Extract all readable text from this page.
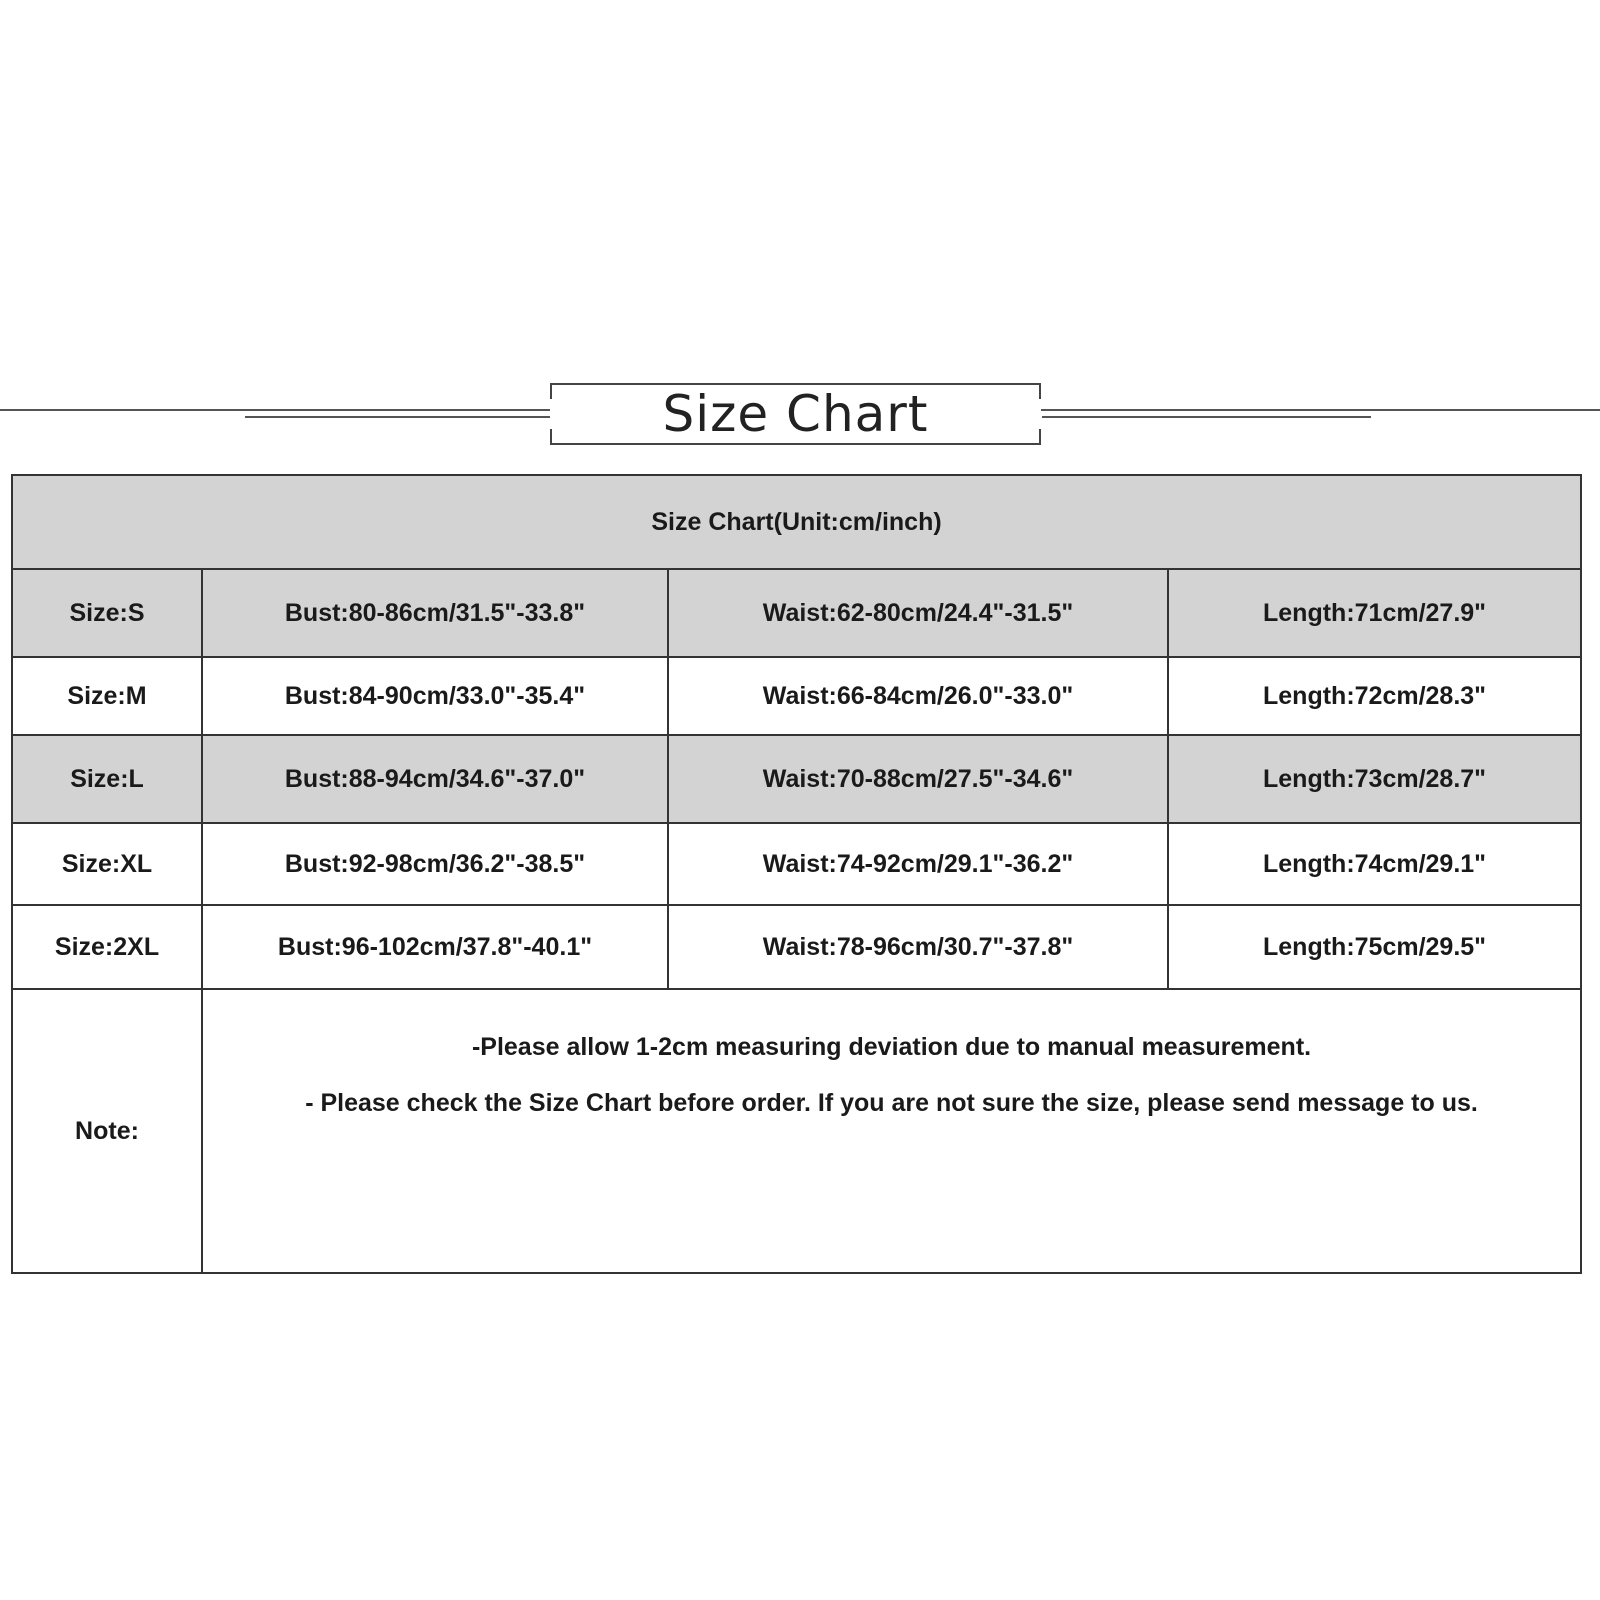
Size Chart
Size Chart(Unit:cm/inch)			
Size:S	Bust:80-86cm/31.5"-33.8"	Waist:62-80cm/24.4"-31.5"	Length:71cm/27.9"
Size:M	Bust:84-90cm/33.0"-35.4"	Waist:66-84cm/26.0"-33.0"	Length:72cm/28.3"
Size:L	Bust:88-94cm/34.6"-37.0"	Waist:70-88cm/27.5"-34.6"	Length:73cm/28.7"
Size:XL	Bust:92-98cm/36.2"-38.5"	Waist:74-92cm/29.1"-36.2"	Length:74cm/29.1"
Size:2XL	Bust:96-102cm/37.8"-40.1"	Waist:78-96cm/30.7"-37.8"	Length:75cm/29.5"
Note:	-Please allow 1-2cm measuring deviation due to manual measurement.
- Please check the Size Chart before order. If you are not sure the size, please send message to us.		
